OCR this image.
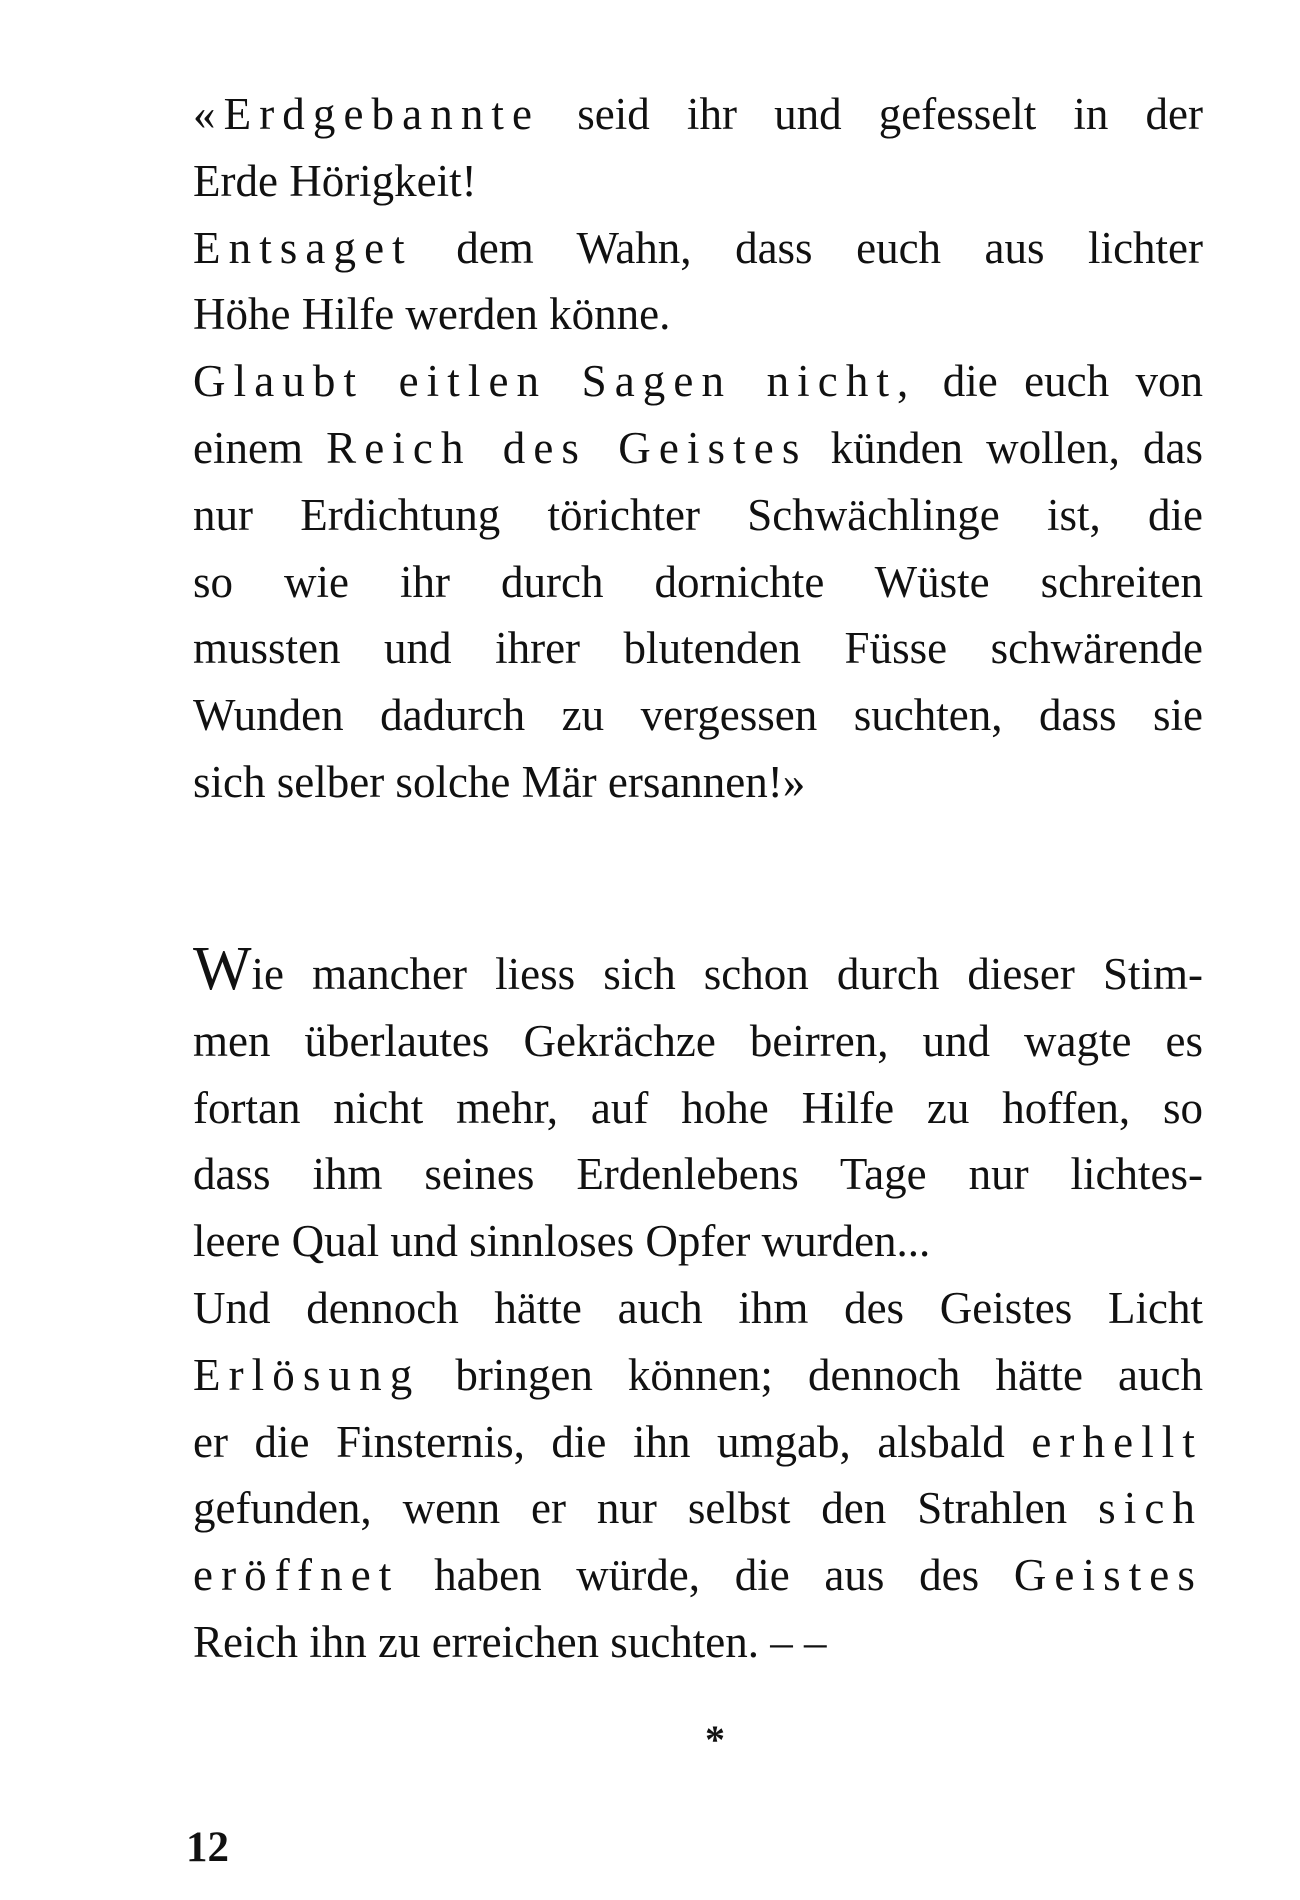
«Erdgebannte seid ihr und gefesselt in der
Erde Hörigkeit!
Entsaget dem Wahn, dass euch aus lichter
Höhe Hilfe werden könne.
Glaubt eitlen Sagen nicht, die euch von
einem Reich des Geistes künden wollen, das
nur Erdichtung törichter Schwächlinge ist, die
so wie ihr durch dornichte Wüste schreiten
mussten und ihrer blutenden Füsse schwärende
Wunden dadurch zu vergessen suchten, dass sie
sich selber solche Mär ersannen!»
Wie mancher liess sich schon durch dieser Stim-
men überlautes Gekrächze beirren, und wagte es
fortan nicht mehr, auf hohe Hilfe zu hoffen, so
dass ihm seines Erdenlebens Tage nur lichtes-
leere Qual und sinnloses Opfer wurden...
Und dennoch hätte auch ihm des Geistes Licht
Erlösung bringen können; dennoch hätte auch
er die Finsternis, die ihn umgab, alsbald erhellt
gefunden, wenn er nur selbst den Strahlen sich
eröffnet haben würde, die aus des Geistes
Reich ihn zu erreichen suchten. – –
*
12
